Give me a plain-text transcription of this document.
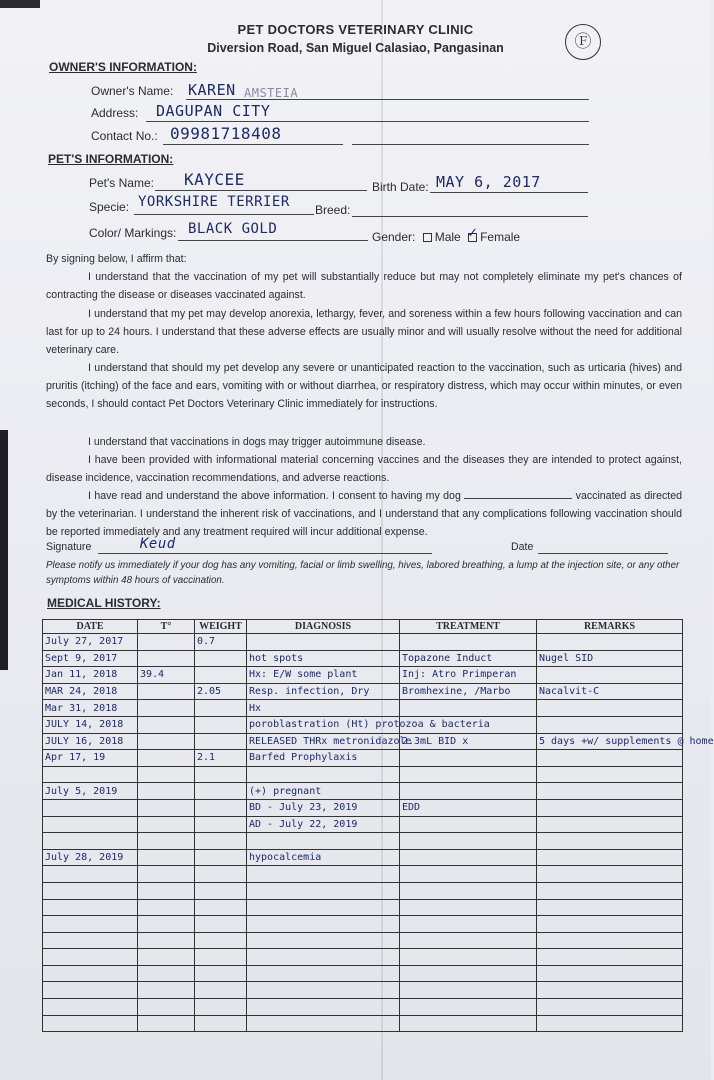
PET DOCTORS VETERINARY CLINIC
Diversion Road, San Miguel Calasiao, Pangasinan	Ⓕ
OWNER'S INFORMATION:
Owner's Name: KAREN AMSTEIA
Address: DAGUPAN CITY
Contact No.: 09981718408
PET'S INFORMATION:
Pet's Name: KAYCEE	Birth Date: MAY 6, 2017
Specie: YORKSHIRE TERRIER Breed:
Color/ Markings: BLACK GOLD	Gender: Male ✓ Female
By signing below, I affirm that:
I understand that the vaccination of my pet will substantially reduce but may not completely eliminate my pet's chances of contracting the disease or diseases vaccinated against.
I understand that my pet may develop anorexia, lethargy, fever, and soreness within a few hours following vaccination and can last for up to 24 hours. I understand that these adverse effects are usually minor and will usually resolve without the need for additional veterinary care.
I understand that should my pet develop any severe or unanticipated reaction to the vaccination, such as urticaria (hives) and pruritis (itching) of the face and ears, vomiting with or without diarrhea, or respiratory distress, which may occur within minutes, or even seconds, I should contact Pet Doctors Veterinary Clinic immediately for instructions.
I understand that vaccinations in dogs may trigger autoimmune disease.
I have been provided with informational material concerning vaccines and the diseases they are intended to protect against, disease incidence, vaccination recommendations, and adverse reactions.
I have read and understand the above information. I consent to having my dog	vaccinated as directed by the veterinarian. I understand the inherent risk of vaccinations, and I understand that any complications following vaccination should be reported immediately and any treatment required will incur additional expense.
Signature	Keud	Date
Please notify us immediately if your dog has any vomiting, facial or limb swelling, hives, labored breathing, a lump at the injection site, or any other symptoms within 48 hours of vaccination.
MEDICAL HISTORY:
DATE	T°	WEIGHT	DIAGNOSIS	TREATMENT	REMARKS
July 27, 2017		0.7			
Sept 9, 2017			hot spots	Topazone Induct	Nugel SID
Jan 11, 2018	39.4		Hx: E/W some plant	Inj: Atro Primperan	
MAR 24, 2018		2.05	Resp. infection, Dry	Bromhexine, /Marbo	Nacalvit-C
Mar 31, 2018			Hx		
JULY 14, 2018			poroblastration (Ht) protozoa & bacteria		
JULY 16, 2018			RELEASED THRx metronidazole	2.3mL BID x	5 days +w/ supplements @ home
Apr 17, 19		2.1	Barfed Prophylaxis		

July 5, 2019			(+) pregnant		
			BD - July 23, 2019	EDD	
			AD - July 22, 2019		

July 28, 2019			hypocalcemia		
